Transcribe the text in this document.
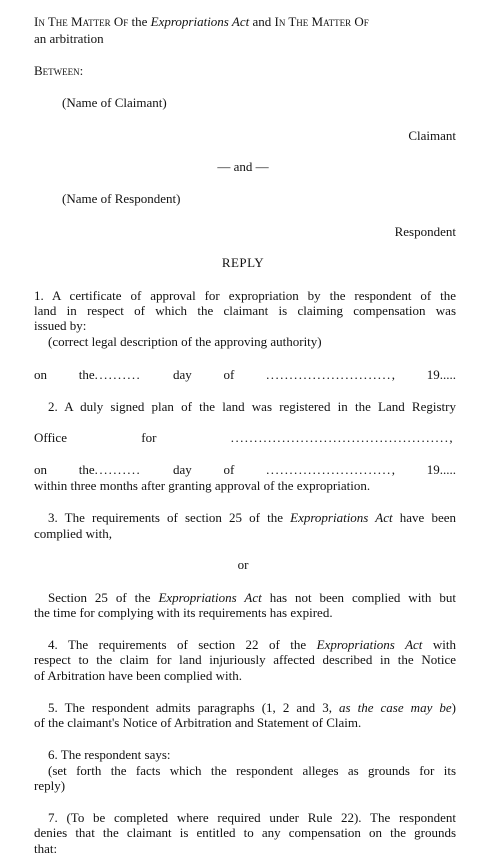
In The Matter Of the Expropriations Act and In The Matter Of
an arbitration
Between:
(Name of Claimant)
Claimant
— and —
(Name of Respondent)
Respondent
REPLY
1. A certificate of approval for expropriation by the respondent of the
land in respect of which the claimant is claiming compensation was
issued by:
(correct legal description of the approving authority)
on the.......... day of ..........................., 19.....
2. A duly signed plan of the land was registered in the Land Registry
Office for ...............................................,
on the.......... day of ..........................., 19.....
within three months after granting approval of the expropriation.
3. The requirements of section 25 of the Expropriations Act have been
complied with,
or
Section 25 of the Expropriations Act has not been complied with but
the time for complying with its requirements has expired.
4. The requirements of section 22 of the Expropriations Act with
respect to the claim for land injuriously affected described in the Notice
of Arbitration have been complied with.
5. The respondent admits paragraphs (1, 2 and 3, as the case may be)
of the claimant's Notice of Arbitration and Statement of Claim.
6. The respondent says:
(set forth the facts which the respondent alleges as grounds for its
reply)
7. (To be completed where required under Rule 22). The respondent
denies that the claimant is entitled to any compensation on the grounds
that:
